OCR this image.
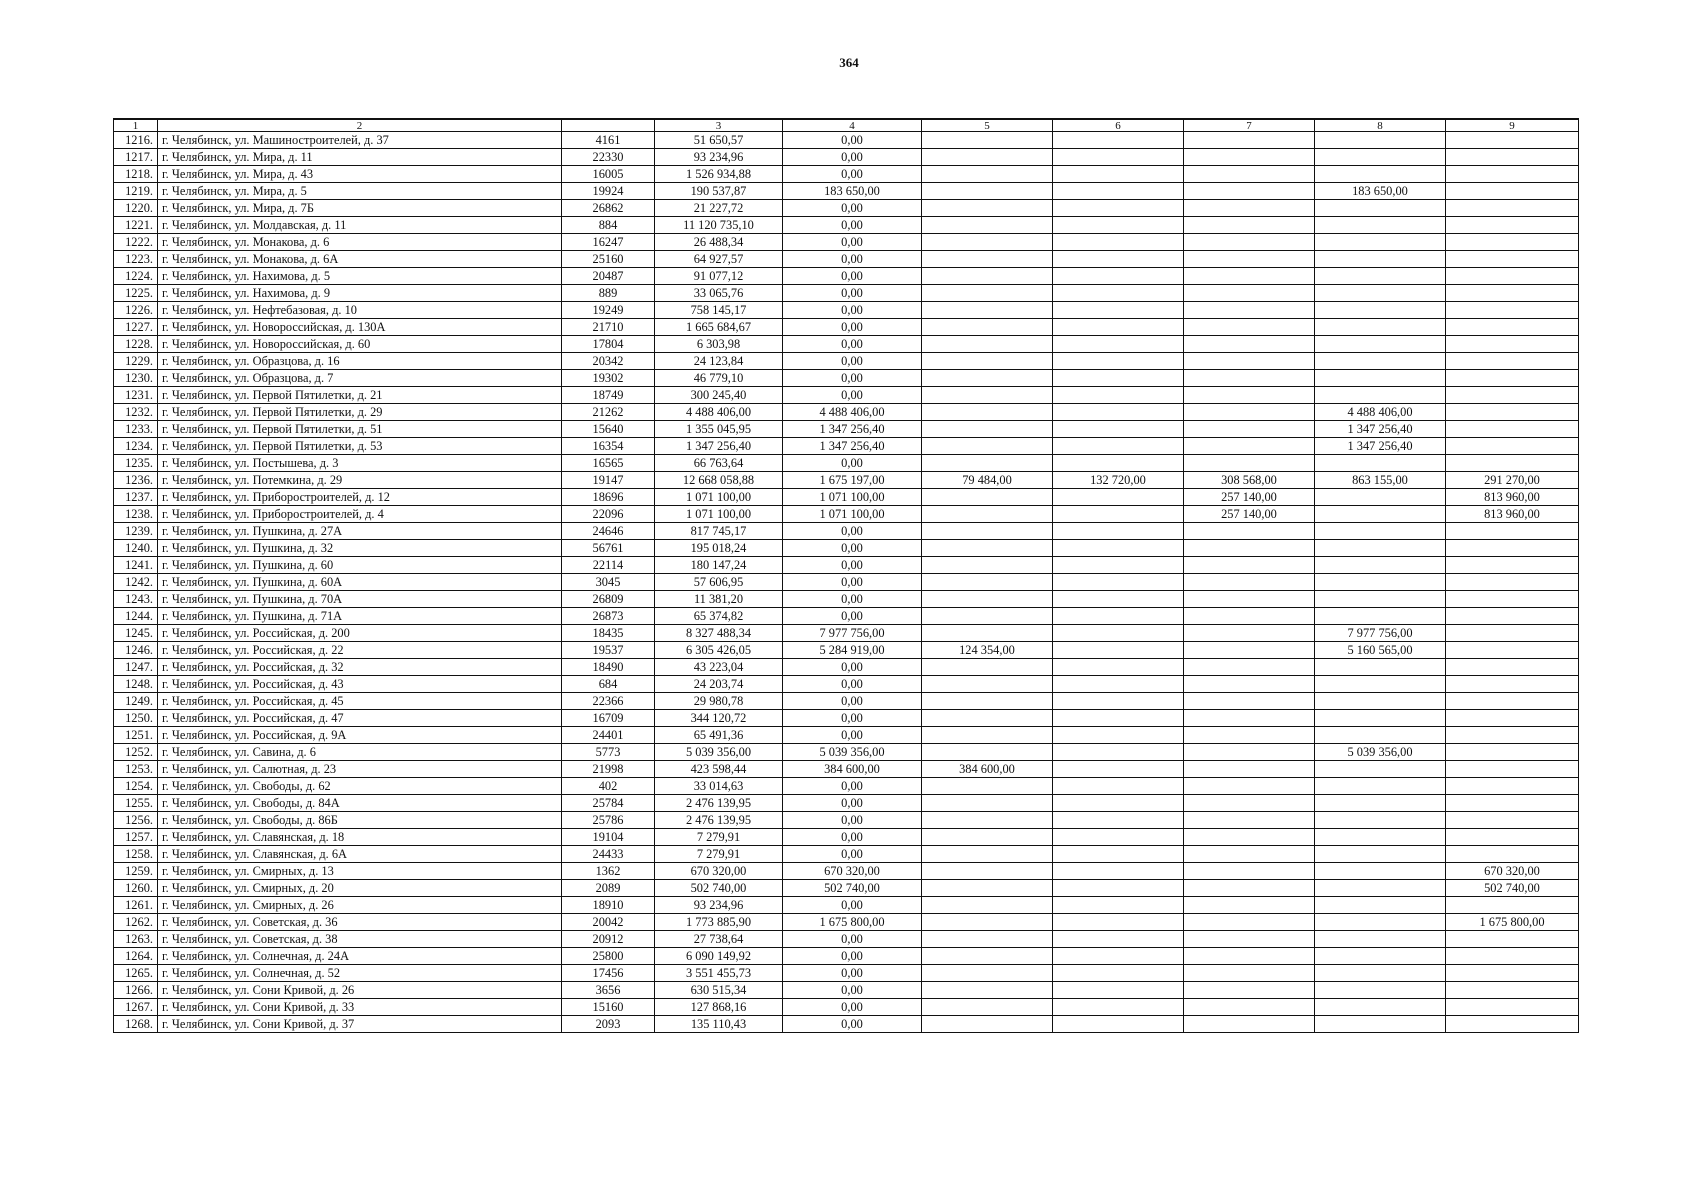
364
1	2		3	4	5	6	7	8	9
1216.	г. Челябинск, ул. Машиностроителей, д. 37	4161	51 650,57	0,00					
1217.	г. Челябинск, ул. Мира, д. 11	22330	93 234,96	0,00					
1218.	г. Челябинск, ул. Мира, д. 43	16005	1 526 934,88	0,00					
1219.	г. Челябинск, ул. Мира, д. 5	19924	190 537,87	183 650,00				183 650,00	
1220.	г. Челябинск, ул. Мира, д. 7Б	26862	21 227,72	0,00					
1221.	г. Челябинск, ул. Молдавская, д. 11	884	11 120 735,10	0,00					
1222.	г. Челябинск, ул. Монакова, д. 6	16247	26 488,34	0,00					
1223.	г. Челябинск, ул. Монакова, д. 6А	25160	64 927,57	0,00					
1224.	г. Челябинск, ул. Нахимова, д. 5	20487	91 077,12	0,00					
1225.	г. Челябинск, ул. Нахимова, д. 9	889	33 065,76	0,00					
1226.	г. Челябинск, ул. Нефтебазовая, д. 10	19249	758 145,17	0,00					
1227.	г. Челябинск, ул. Новороссийская, д. 130А	21710	1 665 684,67	0,00					
1228.	г. Челябинск, ул. Новороссийская, д. 60	17804	6 303,98	0,00					
1229.	г. Челябинск, ул. Образцова, д. 16	20342	24 123,84	0,00					
1230.	г. Челябинск, ул. Образцова, д. 7	19302	46 779,10	0,00					
1231.	г. Челябинск, ул. Первой Пятилетки, д. 21	18749	300 245,40	0,00					
1232.	г. Челябинск, ул. Первой Пятилетки, д. 29	21262	4 488 406,00	4 488 406,00				4 488 406,00	
1233.	г. Челябинск, ул. Первой Пятилетки, д. 51	15640	1 355 045,95	1 347 256,40				1 347 256,40	
1234.	г. Челябинск, ул. Первой Пятилетки, д. 53	16354	1 347 256,40	1 347 256,40				1 347 256,40	
1235.	г. Челябинск, ул. Постышева, д. 3	16565	66 763,64	0,00					
1236.	г. Челябинск, ул. Потемкина, д. 29	19147	12 668 058,88	1 675 197,00	79 484,00	132 720,00	308 568,00	863 155,00	291 270,00
1237.	г. Челябинск, ул. Приборостроителей, д. 12	18696	1 071 100,00	1 071 100,00			257 140,00		813 960,00
1238.	г. Челябинск, ул. Приборостроителей, д. 4	22096	1 071 100,00	1 071 100,00			257 140,00		813 960,00
1239.	г. Челябинск, ул. Пушкина, д. 27А	24646	817 745,17	0,00					
1240.	г. Челябинск, ул. Пушкина, д. 32	56761	195 018,24	0,00					
1241.	г. Челябинск, ул. Пушкина, д. 60	22114	180 147,24	0,00					
1242.	г. Челябинск, ул. Пушкина, д. 60А	3045	57 606,95	0,00					
1243.	г. Челябинск, ул. Пушкина, д. 70А	26809	11 381,20	0,00					
1244.	г. Челябинск, ул. Пушкина, д. 71А	26873	65 374,82	0,00					
1245.	г. Челябинск, ул. Российская, д. 200	18435	8 327 488,34	7 977 756,00				7 977 756,00	
1246.	г. Челябинск, ул. Российская, д. 22	19537	6 305 426,05	5 284 919,00	124 354,00			5 160 565,00	
1247.	г. Челябинск, ул. Российская, д. 32	18490	43 223,04	0,00					
1248.	г. Челябинск, ул. Российская, д. 43	684	24 203,74	0,00					
1249.	г. Челябинск, ул. Российская, д. 45	22366	29 980,78	0,00					
1250.	г. Челябинск, ул. Российская, д. 47	16709	344 120,72	0,00					
1251.	г. Челябинск, ул. Российская, д. 9А	24401	65 491,36	0,00					
1252.	г. Челябинск, ул. Савина, д. 6	5773	5 039 356,00	5 039 356,00				5 039 356,00	
1253.	г. Челябинск, ул. Салютная, д. 23	21998	423 598,44	384 600,00	384 600,00				
1254.	г. Челябинск, ул. Свободы, д. 62	402	33 014,63	0,00					
1255.	г. Челябинск, ул. Свободы, д. 84А	25784	2 476 139,95	0,00					
1256.	г. Челябинск, ул. Свободы, д. 86Б	25786	2 476 139,95	0,00					
1257.	г. Челябинск, ул. Славянская, д. 18	19104	7 279,91	0,00					
1258.	г. Челябинск, ул. Славянская, д. 6А	24433	7 279,91	0,00					
1259.	г. Челябинск, ул. Смирных, д. 13	1362	670 320,00	670 320,00					670 320,00
1260.	г. Челябинск, ул. Смирных, д. 20	2089	502 740,00	502 740,00					502 740,00
1261.	г. Челябинск, ул. Смирных, д. 26	18910	93 234,96	0,00					
1262.	г. Челябинск, ул. Советская, д. 36	20042	1 773 885,90	1 675 800,00					1 675 800,00
1263.	г. Челябинск, ул. Советская, д. 38	20912	27 738,64	0,00					
1264.	г. Челябинск, ул. Солнечная, д. 24А	25800	6 090 149,92	0,00					
1265.	г. Челябинск, ул. Солнечная, д. 52	17456	3 551 455,73	0,00					
1266.	г. Челябинск, ул. Сони Кривой, д. 26	3656	630 515,34	0,00					
1267.	г. Челябинск, ул. Сони Кривой, д. 33	15160	127 868,16	0,00					
1268.	г. Челябинск, ул. Сони Кривой, д. 37	2093	135 110,43	0,00					
